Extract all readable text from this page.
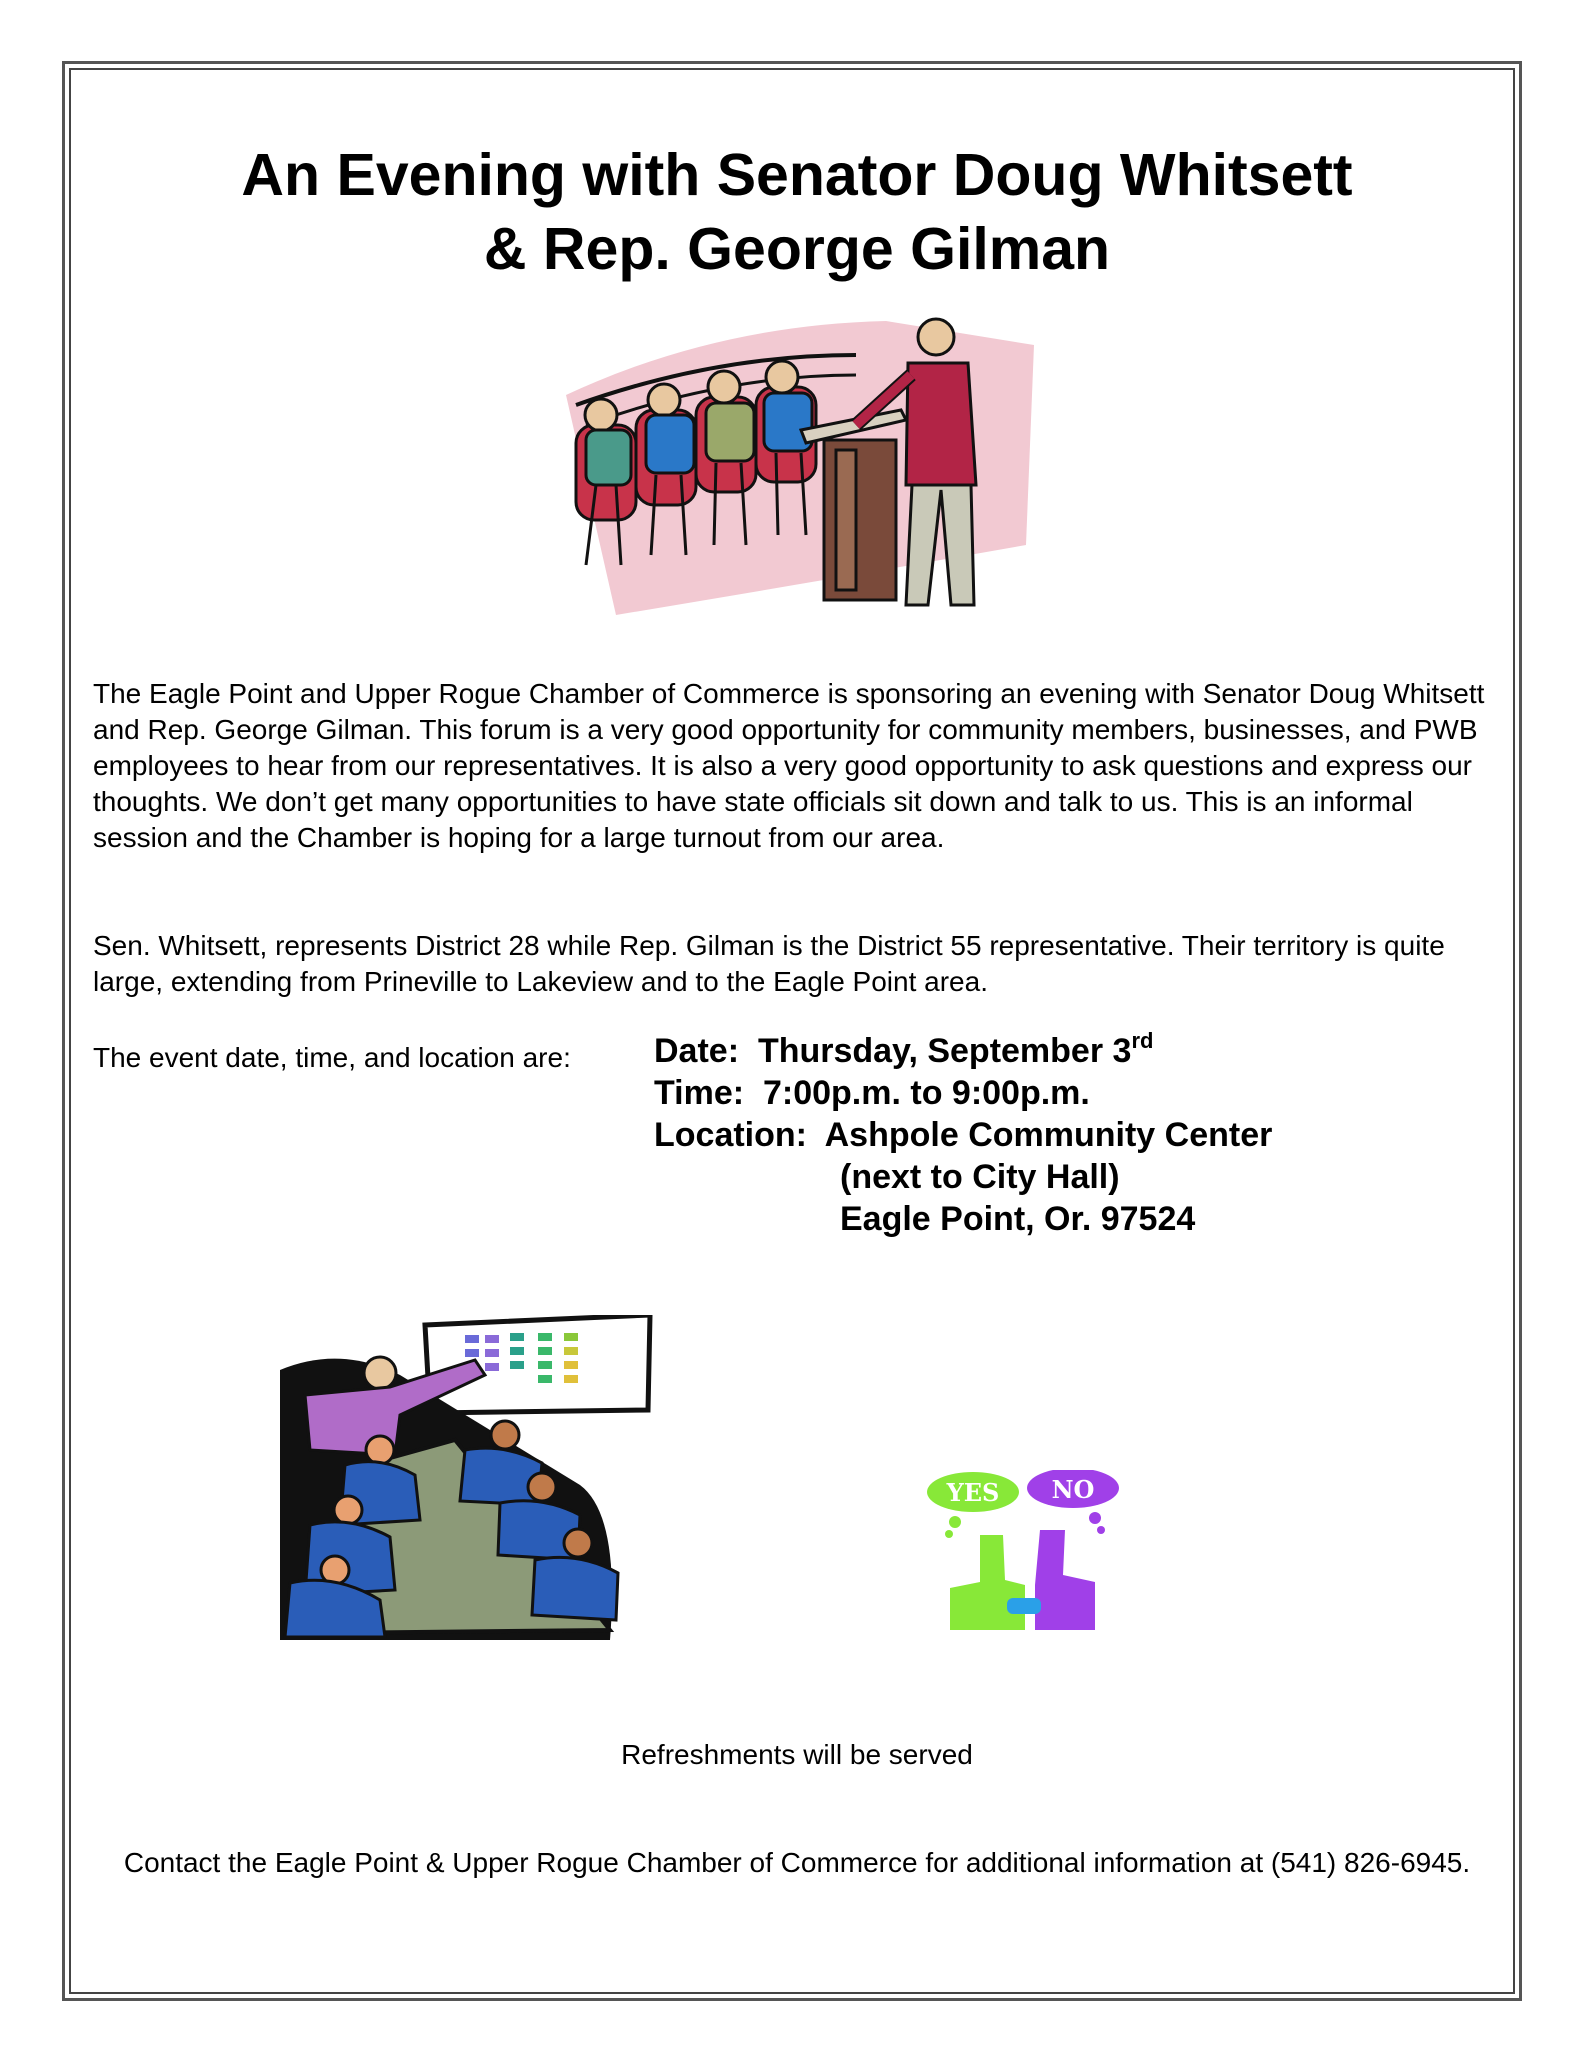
An Evening with Senator Doug Whitsett
& Rep. George Gilman

The Eagle Point and Upper Rogue Chamber of Commerce is sponsoring an evening with Senator Doug Whitsett and Rep. George Gilman. This forum is a very good opportunity for community members, businesses, and PWB employees to hear from our representatives. It is also a very good opportunity to ask questions and express our thoughts. We don’t get many opportunities to have state officials sit down and talk to us. This is an informal session and the Chamber is hoping for a large turnout from our area.

Sen. Whitsett, represents District 28 while Rep. Gilman is the District 55 representative. Their territory is quite large, extending from Prineville to Lakeview and to the Eagle Point area.

The event date, time, and location are: Date: Thursday, September 3rd
Time: 7:00p.m. to 9:00p.m.
Location: Ashpole Community Center
(next to City Hall)
Eagle Point, Or. 97524
YES NO

Refreshments will be served

Contact the Eagle Point & Upper Rogue Chamber of Commerce for additional information at (541) 826-6945.
